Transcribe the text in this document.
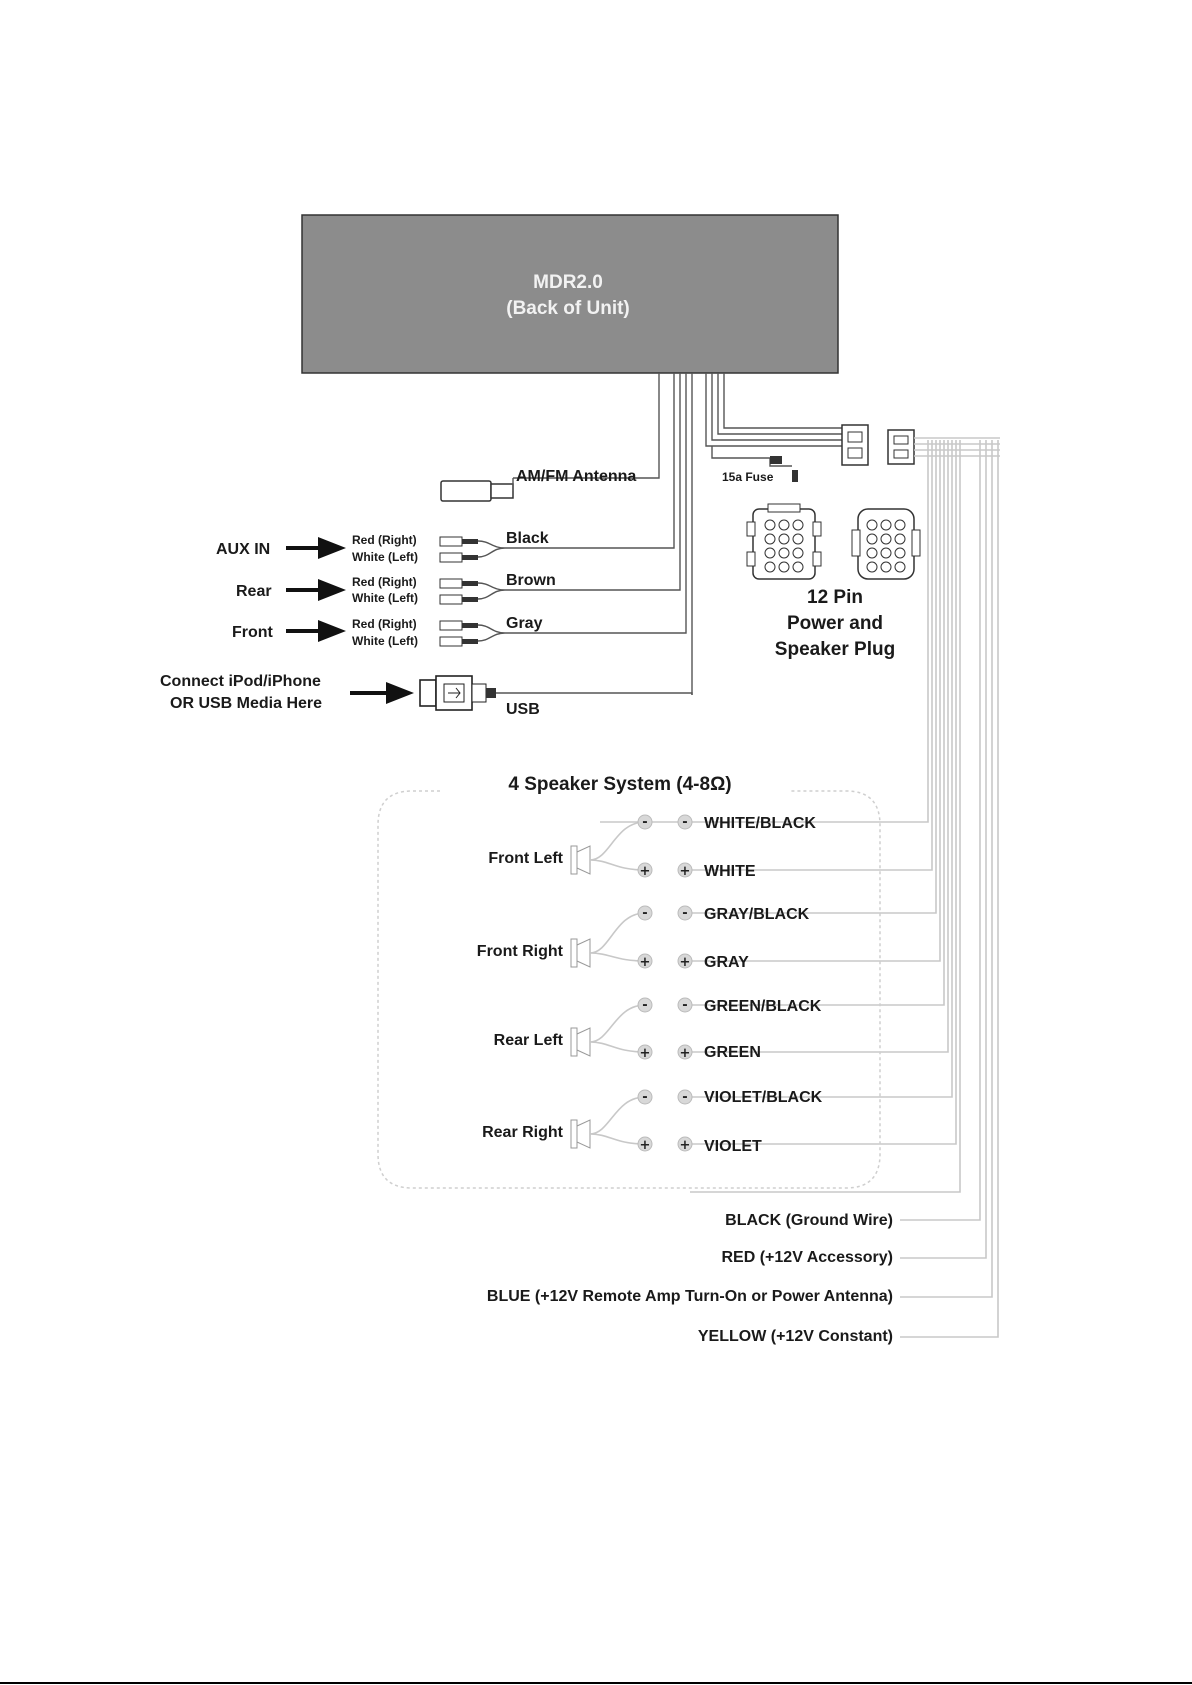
MDR2.0
(Back of Unit)
15a Fuse
12 Pin
Power and
Speaker Plug
AM/FM Antenna
AUX IN
Red (Right)
White (Left)
Black
Rear
Red (Right)
White (Left)
Brown
Front	Red (Right)
White (Left)
Gray
Connect iPod/iPhone
OR USB Media Here	USB
4 Speaker System (4-8Ω)
Front Left
-
+
-
+
WHITE/BLACK
WHITE
Front Right
-
+
-
+
GRAY/BLACK
GRAY
Rear Left
-
+
-
+
GREEN/BLACK
GREEN
Rear Right
-
+
-
+
VIOLET/BLACK
VIOLET
BLACK (Ground Wire)
RED (+12V Accessory)
BLUE (+12V Remote Amp Turn-On or Power Antenna)
YELLOW (+12V Constant)
